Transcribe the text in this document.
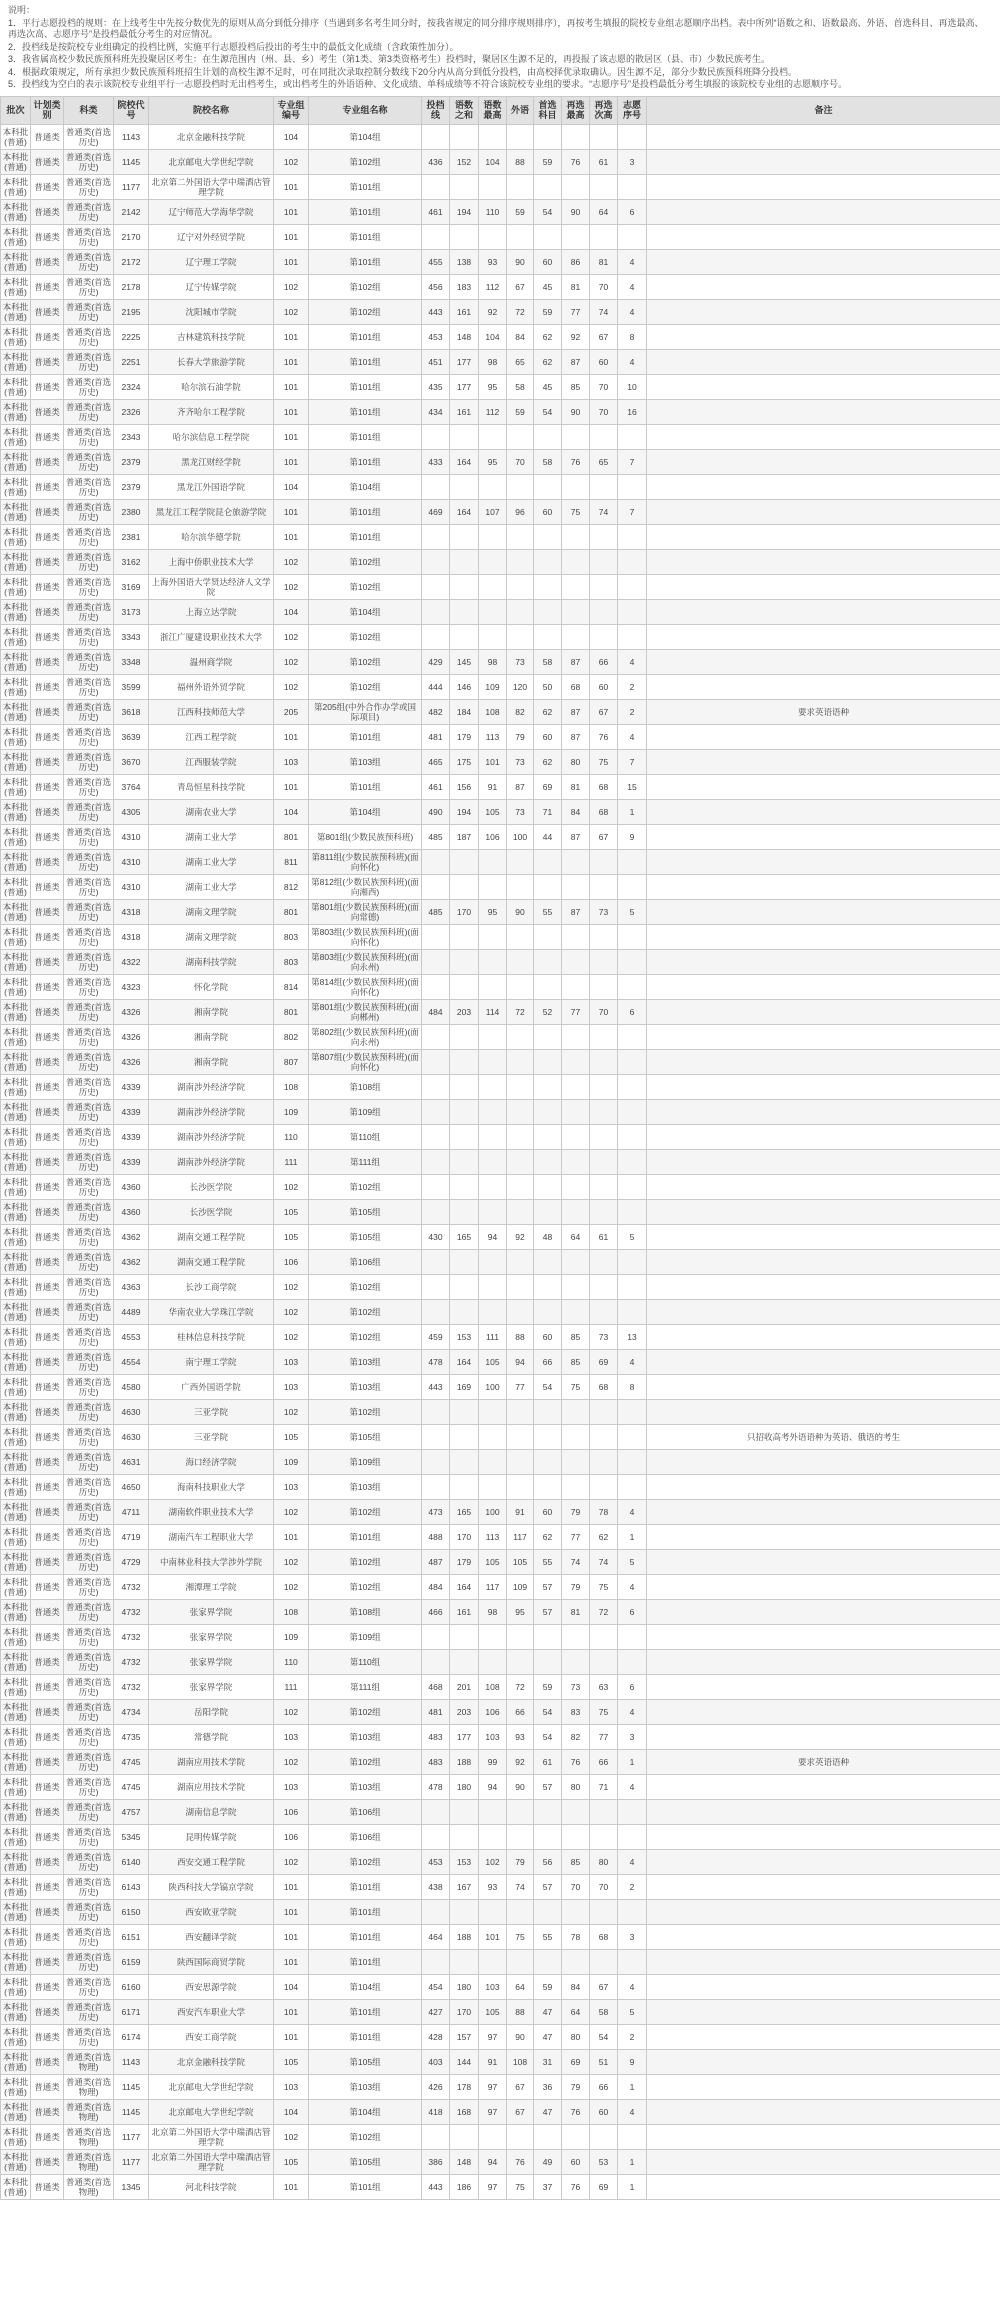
说明：
1．平行志愿投档的规则：在上线考生中先按分数优先的原则从高分到低分排序（当遇到多名考生同分时，按我省规定的同分排序规则排序），再按考生填报的院校专业组志愿顺序出档。表中所列“语数之和、语数最高、外语、首选科目、再选最高、再选次高、志愿序号”是投档最低分考生的对应情况。
2．投档线是按院校专业组确定的投档比例，实施平行志愿投档后投出的考生中的最低文化成绩（含政策性加分）。
3．我省属高校少数民族预科班先投聚居区考生：在生源范围内（州、县、乡）考生（第1类、第3类资格考生）投档时，聚居区生源不足的，再投报了该志愿的散居区（县、市）少数民族考生。
4．根据政策规定，所有承担少数民族预科班招生计划的高校生源不足时，可在同批次录取控制分数线下20分内从高分到低分投档，由高校择优录取确认。因生源不足，部分少数民族预科班降分投档。
5．投档线为空白的表示该院校专业组平行一志愿投档时无出档考生，或出档考生的外语语种、文化成绩、单科成绩等不符合该院校专业组的要求。“志愿序号”是投档最低分考生填报的该院校专业组的志愿顺序号。
批次	计划类别	科类	院校代号	院校名称	专业组编号	专业组名称	投档线	语数之和	语数最高	外语	首选科目	再选最高	再选次高	志愿序号	备注
本科批(普通)	普通类	普通类(首选历史)	1143	北京金融科技学院	104	第104组									
本科批(普通)	普通类	普通类(首选历史)	1145	北京邮电大学世纪学院	102	第102组	436	152	104	88	59	76	61	3	
本科批(普通)	普通类	普通类(首选历史)	1177	北京第二外国语大学中瑞酒店管理学院	101	第101组									
本科批(普通)	普通类	普通类(首选历史)	2142	辽宁师范大学海华学院	101	第101组	461	194	110	59	54	90	64	6	
本科批(普通)	普通类	普通类(首选历史)	2170	辽宁对外经贸学院	101	第101组									
本科批(普通)	普通类	普通类(首选历史)	2172	辽宁理工学院	101	第101组	455	138	93	90	60	86	81	4	
本科批(普通)	普通类	普通类(首选历史)	2178	辽宁传媒学院	102	第102组	456	183	112	67	45	81	70	4	
本科批(普通)	普通类	普通类(首选历史)	2195	沈阳城市学院	102	第102组	443	161	92	72	59	77	74	4	
本科批(普通)	普通类	普通类(首选历史)	2225	吉林建筑科技学院	101	第101组	453	148	104	84	62	92	67	8	
本科批(普通)	普通类	普通类(首选历史)	2251	长春大学旅游学院	101	第101组	451	177	98	65	62	87	60	4	
本科批(普通)	普通类	普通类(首选历史)	2324	哈尔滨石油学院	101	第101组	435	177	95	58	45	85	70	10	
本科批(普通)	普通类	普通类(首选历史)	2326	齐齐哈尔工程学院	101	第101组	434	161	112	59	54	90	70	16	
本科批(普通)	普通类	普通类(首选历史)	2343	哈尔滨信息工程学院	101	第101组									
本科批(普通)	普通类	普通类(首选历史)	2379	黑龙江财经学院	101	第101组	433	164	95	70	58	76	65	7	
本科批(普通)	普通类	普通类(首选历史)	2379	黑龙江外国语学院	104	第104组									
本科批(普通)	普通类	普通类(首选历史)	2380	黑龙江工程学院昆仑旅游学院	101	第101组	469	164	107	96	60	75	74	7	
本科批(普通)	普通类	普通类(首选历史)	2381	哈尔滨华德学院	101	第101组									
本科批(普通)	普通类	普通类(首选历史)	3162	上海中侨职业技术大学	102	第102组									
本科批(普通)	普通类	普通类(首选历史)	3169	上海外国语大学贤达经济人文学院	102	第102组									
本科批(普通)	普通类	普通类(首选历史)	3173	上海立达学院	104	第104组									
本科批(普通)	普通类	普通类(首选历史)	3343	浙江广厦建设职业技术大学	102	第102组									
本科批(普通)	普通类	普通类(首选历史)	3348	温州商学院	102	第102组	429	145	98	73	58	87	66	4	
本科批(普通)	普通类	普通类(首选历史)	3599	福州外语外贸学院	102	第102组	444	146	109	120	50	68	60	2	
本科批(普通)	普通类	普通类(首选历史)	3618	江西科技师范大学	205	第205组(中外合作办学或国际项目)	482	184	108	82	62	87	67	2	要求英语语种
本科批(普通)	普通类	普通类(首选历史)	3639	江西工程学院	101	第101组	481	179	113	79	60	87	76	4	
本科批(普通)	普通类	普通类(首选历史)	3670	江西服装学院	103	第103组	465	175	101	73	62	80	75	7	
本科批(普通)	普通类	普通类(首选历史)	3764	青岛恒星科技学院	101	第101组	461	156	91	87	69	81	68	15	
本科批(普通)	普通类	普通类(首选历史)	4305	湖南农业大学	104	第104组	490	194	105	73	71	84	68	1	
本科批(普通)	普通类	普通类(首选历史)	4310	湖南工业大学	801	第801组(少数民族预科班)	485	187	106	100	44	87	67	9	
本科批(普通)	普通类	普通类(首选历史)	4310	湖南工业大学	811	第811组(少数民族预科班)(面向怀化)									
本科批(普通)	普通类	普通类(首选历史)	4310	湖南工业大学	812	第812组(少数民族预科班)(面向湘西)									
本科批(普通)	普通类	普通类(首选历史)	4318	湖南文理学院	801	第801组(少数民族预科班)(面向常德)	485	170	95	90	55	87	73	5	
本科批(普通)	普通类	普通类(首选历史)	4318	湖南文理学院	803	第803组(少数民族预科班)(面向怀化)									
本科批(普通)	普通类	普通类(首选历史)	4322	湖南科技学院	803	第803组(少数民族预科班)(面向永州)									
本科批(普通)	普通类	普通类(首选历史)	4323	怀化学院	814	第814组(少数民族预科班)(面向怀化)									
本科批(普通)	普通类	普通类(首选历史)	4326	湘南学院	801	第801组(少数民族预科班)(面向郴州)	484	203	114	72	52	77	70	6	
本科批(普通)	普通类	普通类(首选历史)	4326	湘南学院	802	第802组(少数民族预科班)(面向永州)									
本科批(普通)	普通类	普通类(首选历史)	4326	湘南学院	807	第807组(少数民族预科班)(面向怀化)									
本科批(普通)	普通类	普通类(首选历史)	4339	湖南涉外经济学院	108	第108组									
本科批(普通)	普通类	普通类(首选历史)	4339	湖南涉外经济学院	109	第109组									
本科批(普通)	普通类	普通类(首选历史)	4339	湖南涉外经济学院	110	第110组									
本科批(普通)	普通类	普通类(首选历史)	4339	湖南涉外经济学院	111	第111组									
本科批(普通)	普通类	普通类(首选历史)	4360	长沙医学院	102	第102组									
本科批(普通)	普通类	普通类(首选历史)	4360	长沙医学院	105	第105组									
本科批(普通)	普通类	普通类(首选历史)	4362	湖南交通工程学院	105	第105组	430	165	94	92	48	64	61	5	
本科批(普通)	普通类	普通类(首选历史)	4362	湖南交通工程学院	106	第106组									
本科批(普通)	普通类	普通类(首选历史)	4363	长沙工商学院	102	第102组									
本科批(普通)	普通类	普通类(首选历史)	4489	华南农业大学珠江学院	102	第102组									
本科批(普通)	普通类	普通类(首选历史)	4553	桂林信息科技学院	102	第102组	459	153	111	88	60	85	73	13	
本科批(普通)	普通类	普通类(首选历史)	4554	南宁理工学院	103	第103组	478	164	105	94	66	85	69	4	
本科批(普通)	普通类	普通类(首选历史)	4580	广西外国语学院	103	第103组	443	169	100	77	54	75	68	8	
本科批(普通)	普通类	普通类(首选历史)	4630	三亚学院	102	第102组									
本科批(普通)	普通类	普通类(首选历史)	4630	三亚学院	105	第105组									只招收高考外语语种为英语、俄语的考生
本科批(普通)	普通类	普通类(首选历史)	4631	海口经济学院	109	第109组									
本科批(普通)	普通类	普通类(首选历史)	4650	海南科技职业大学	103	第103组									
本科批(普通)	普通类	普通类(首选历史)	4711	湖南软件职业技术大学	102	第102组	473	165	100	91	60	79	78	4	
本科批(普通)	普通类	普通类(首选历史)	4719	湖南汽车工程职业大学	101	第101组	488	170	113	117	62	77	62	1	
本科批(普通)	普通类	普通类(首选历史)	4729	中南林业科技大学涉外学院	102	第102组	487	179	105	105	55	74	74	5	
本科批(普通)	普通类	普通类(首选历史)	4732	湘潭理工学院	102	第102组	484	164	117	109	57	79	75	4	
本科批(普通)	普通类	普通类(首选历史)	4732	张家界学院	108	第108组	466	161	98	95	57	81	72	6	
本科批(普通)	普通类	普通类(首选历史)	4732	张家界学院	109	第109组									
本科批(普通)	普通类	普通类(首选历史)	4732	张家界学院	110	第110组									
本科批(普通)	普通类	普通类(首选历史)	4732	张家界学院	111	第111组	468	201	108	72	59	73	63	6	
本科批(普通)	普通类	普通类(首选历史)	4734	岳阳学院	102	第102组	481	203	106	66	54	83	75	4	
本科批(普通)	普通类	普通类(首选历史)	4735	常德学院	103	第103组	483	177	103	93	54	82	77	3	
本科批(普通)	普通类	普通类(首选历史)	4745	湖南应用技术学院	102	第102组	483	188	99	92	61	76	66	1	要求英语语种
本科批(普通)	普通类	普通类(首选历史)	4745	湖南应用技术学院	103	第103组	478	180	94	90	57	80	71	4	
本科批(普通)	普通类	普通类(首选历史)	4757	湖南信息学院	106	第106组									
本科批(普通)	普通类	普通类(首选历史)	5345	昆明传媒学院	106	第106组									
本科批(普通)	普通类	普通类(首选历史)	6140	西安交通工程学院	102	第102组	453	153	102	79	56	85	80	4	
本科批(普通)	普通类	普通类(首选历史)	6143	陕西科技大学镐京学院	101	第101组	438	167	93	74	57	70	70	2	
本科批(普通)	普通类	普通类(首选历史)	6150	西安欧亚学院	101	第101组									
本科批(普通)	普通类	普通类(首选历史)	6151	西安翻译学院	101	第101组	464	188	101	75	55	78	68	3	
本科批(普通)	普通类	普通类(首选历史)	6159	陕西国际商贸学院	101	第101组									
本科批(普通)	普通类	普通类(首选历史)	6160	西安思源学院	104	第104组	454	180	103	64	59	84	67	4	
本科批(普通)	普通类	普通类(首选历史)	6171	西安汽车职业大学	101	第101组	427	170	105	88	47	64	58	5	
本科批(普通)	普通类	普通类(首选历史)	6174	西安工商学院	101	第101组	428	157	97	90	47	80	54	2	
本科批(普通)	普通类	普通类(首选物理)	1143	北京金融科技学院	105	第105组	403	144	91	108	31	69	51	9	
本科批(普通)	普通类	普通类(首选物理)	1145	北京邮电大学世纪学院	103	第103组	426	178	97	67	36	79	66	1	
本科批(普通)	普通类	普通类(首选物理)	1145	北京邮电大学世纪学院	104	第104组	418	168	97	67	47	76	60	4	
本科批(普通)	普通类	普通类(首选物理)	1177	北京第二外国语大学中瑞酒店管理学院	102	第102组									
本科批(普通)	普通类	普通类(首选物理)	1177	北京第二外国语大学中瑞酒店管理学院	105	第105组	386	148	94	76	49	60	53	1	
本科批(普通)	普通类	普通类(首选物理)	1345	河北科技学院	101	第101组	443	186	97	75	37	76	69	1	
